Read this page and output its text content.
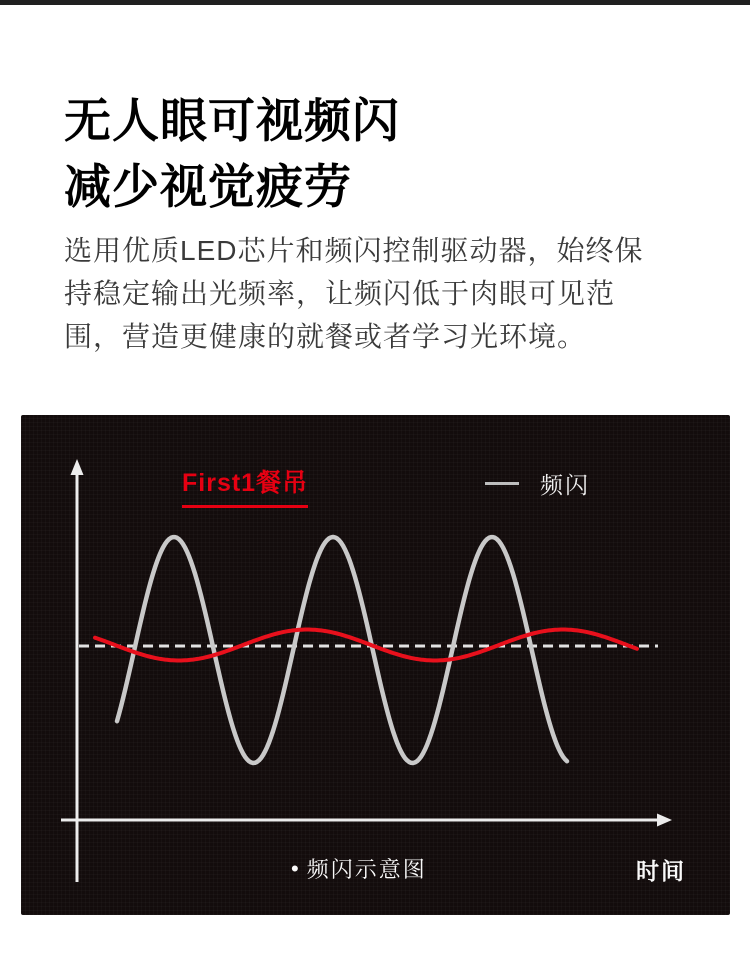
无人眼可视频闪
减少视觉疲劳
选用优质LED芯片和频闪控制驱动器，始终保
持稳定输出光频率，让频闪低于肉眼可见范
围，营造更健康的就餐或者学习光环境。
First1餐吊	频闪
• 频闪示意图	时间
